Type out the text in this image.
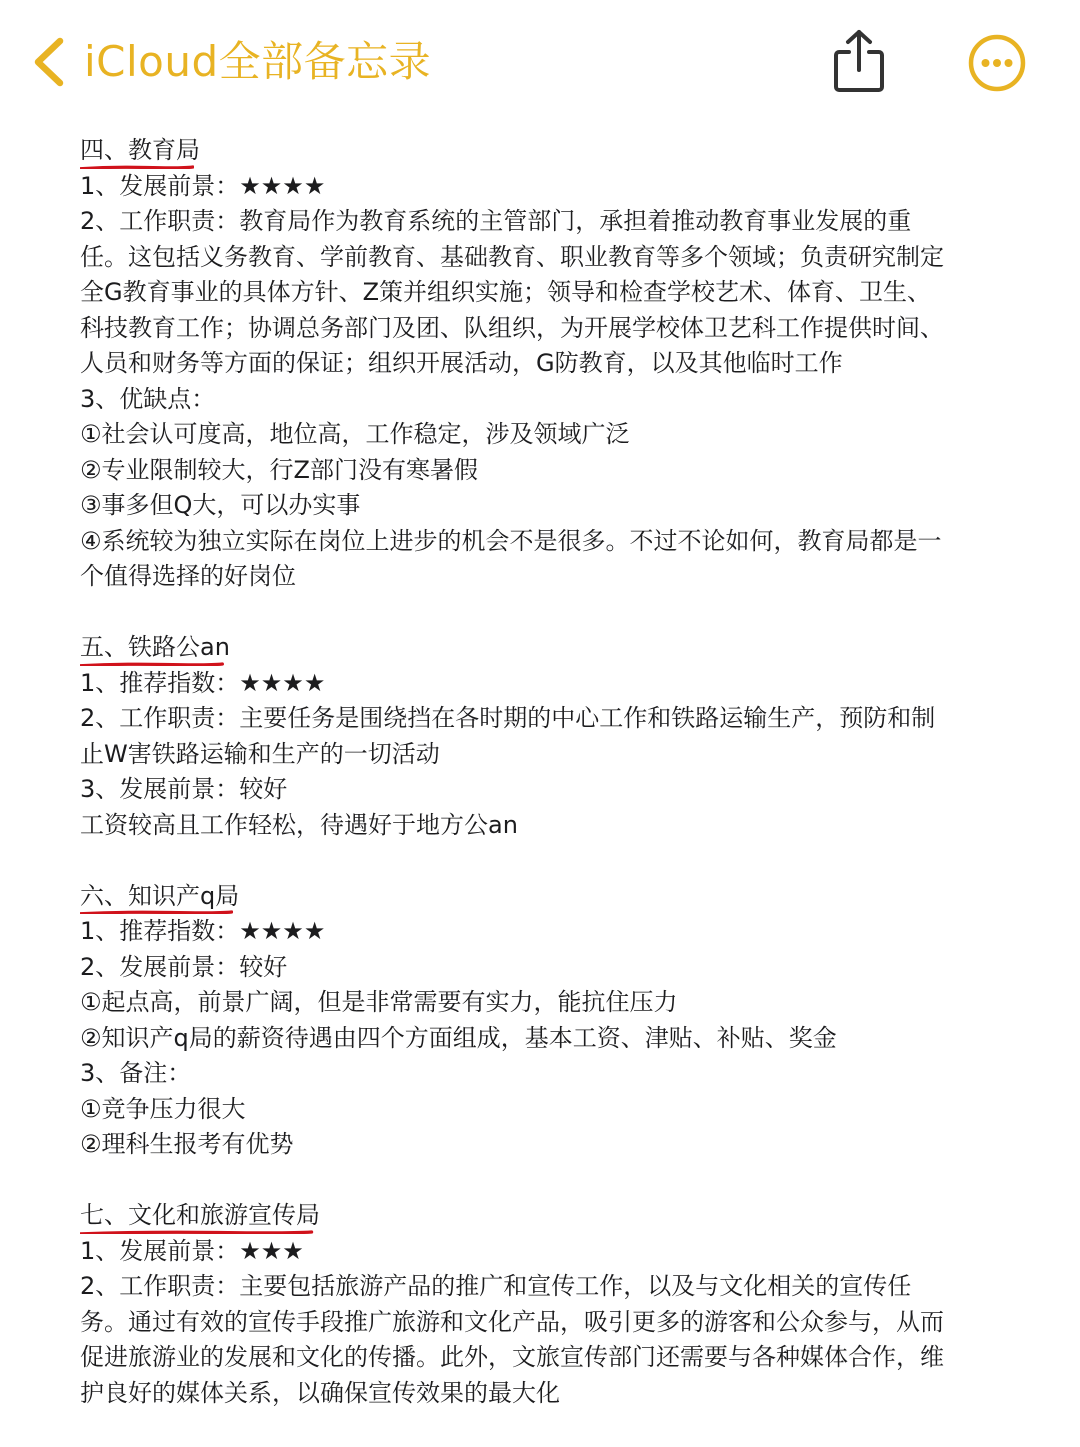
iCloud全部备忘录
四、教育局
1、发展前景：★★★★
2、工作职责：教育局作为教育系统的主管部门，承担着推动教育事业发展的重
任。这包括义务教育、学前教育、基础教育、职业教育等多个领域；负责研究制定
全G教育事业的具体方针、Z策并组织实施；领导和检查学校艺术、体育、卫生、
科技教育工作；协调总务部门及团、队组织，为开展学校体卫艺科工作提供时间、
人员和财务等方面的保证；组织开展活动，G防教育，以及其他临时工作
3、优缺点：
①社会认可度高，地位高，工作稳定，涉及领域广泛
②专业限制较大，行Z部门没有寒暑假
③事多但Q大，可以办实事
④系统较为独立实际在岗位上进步的机会不是很多。不过不论如何，教育局都是一
个值得选择的好岗位
五、铁路公an
1、推荐指数：★★★★
2、工作职责：主要任务是围绕挡在各时期的中心工作和铁路运输生产，预防和制
止W害铁路运输和生产的一切活动
3、发展前景：较好
工资较高且工作轻松，待遇好于地方公an
六、知识产q局
1、推荐指数：★★★★
2、发展前景：较好
①起点高，前景广阔，但是非常需要有实力，能抗住压力
②知识产q局的薪资待遇由四个方面组成，基本工资、津贴、补贴、奖金
3、备注：
①竞争压力很大
②理科生报考有优势
七、文化和旅游宣传局
1、发展前景：★★★
2、工作职责：主要包括旅游产品的推广和宣传工作，以及与文化相关的宣传任
务。通过有效的宣传手段推广旅游和文化产品，吸引更多的游客和公众参与，从而
促进旅游业的发展和文化的传播。此外，文旅宣传部门还需要与各种媒体合作，维
护良好的媒体关系，以确保宣传效果的最大化
